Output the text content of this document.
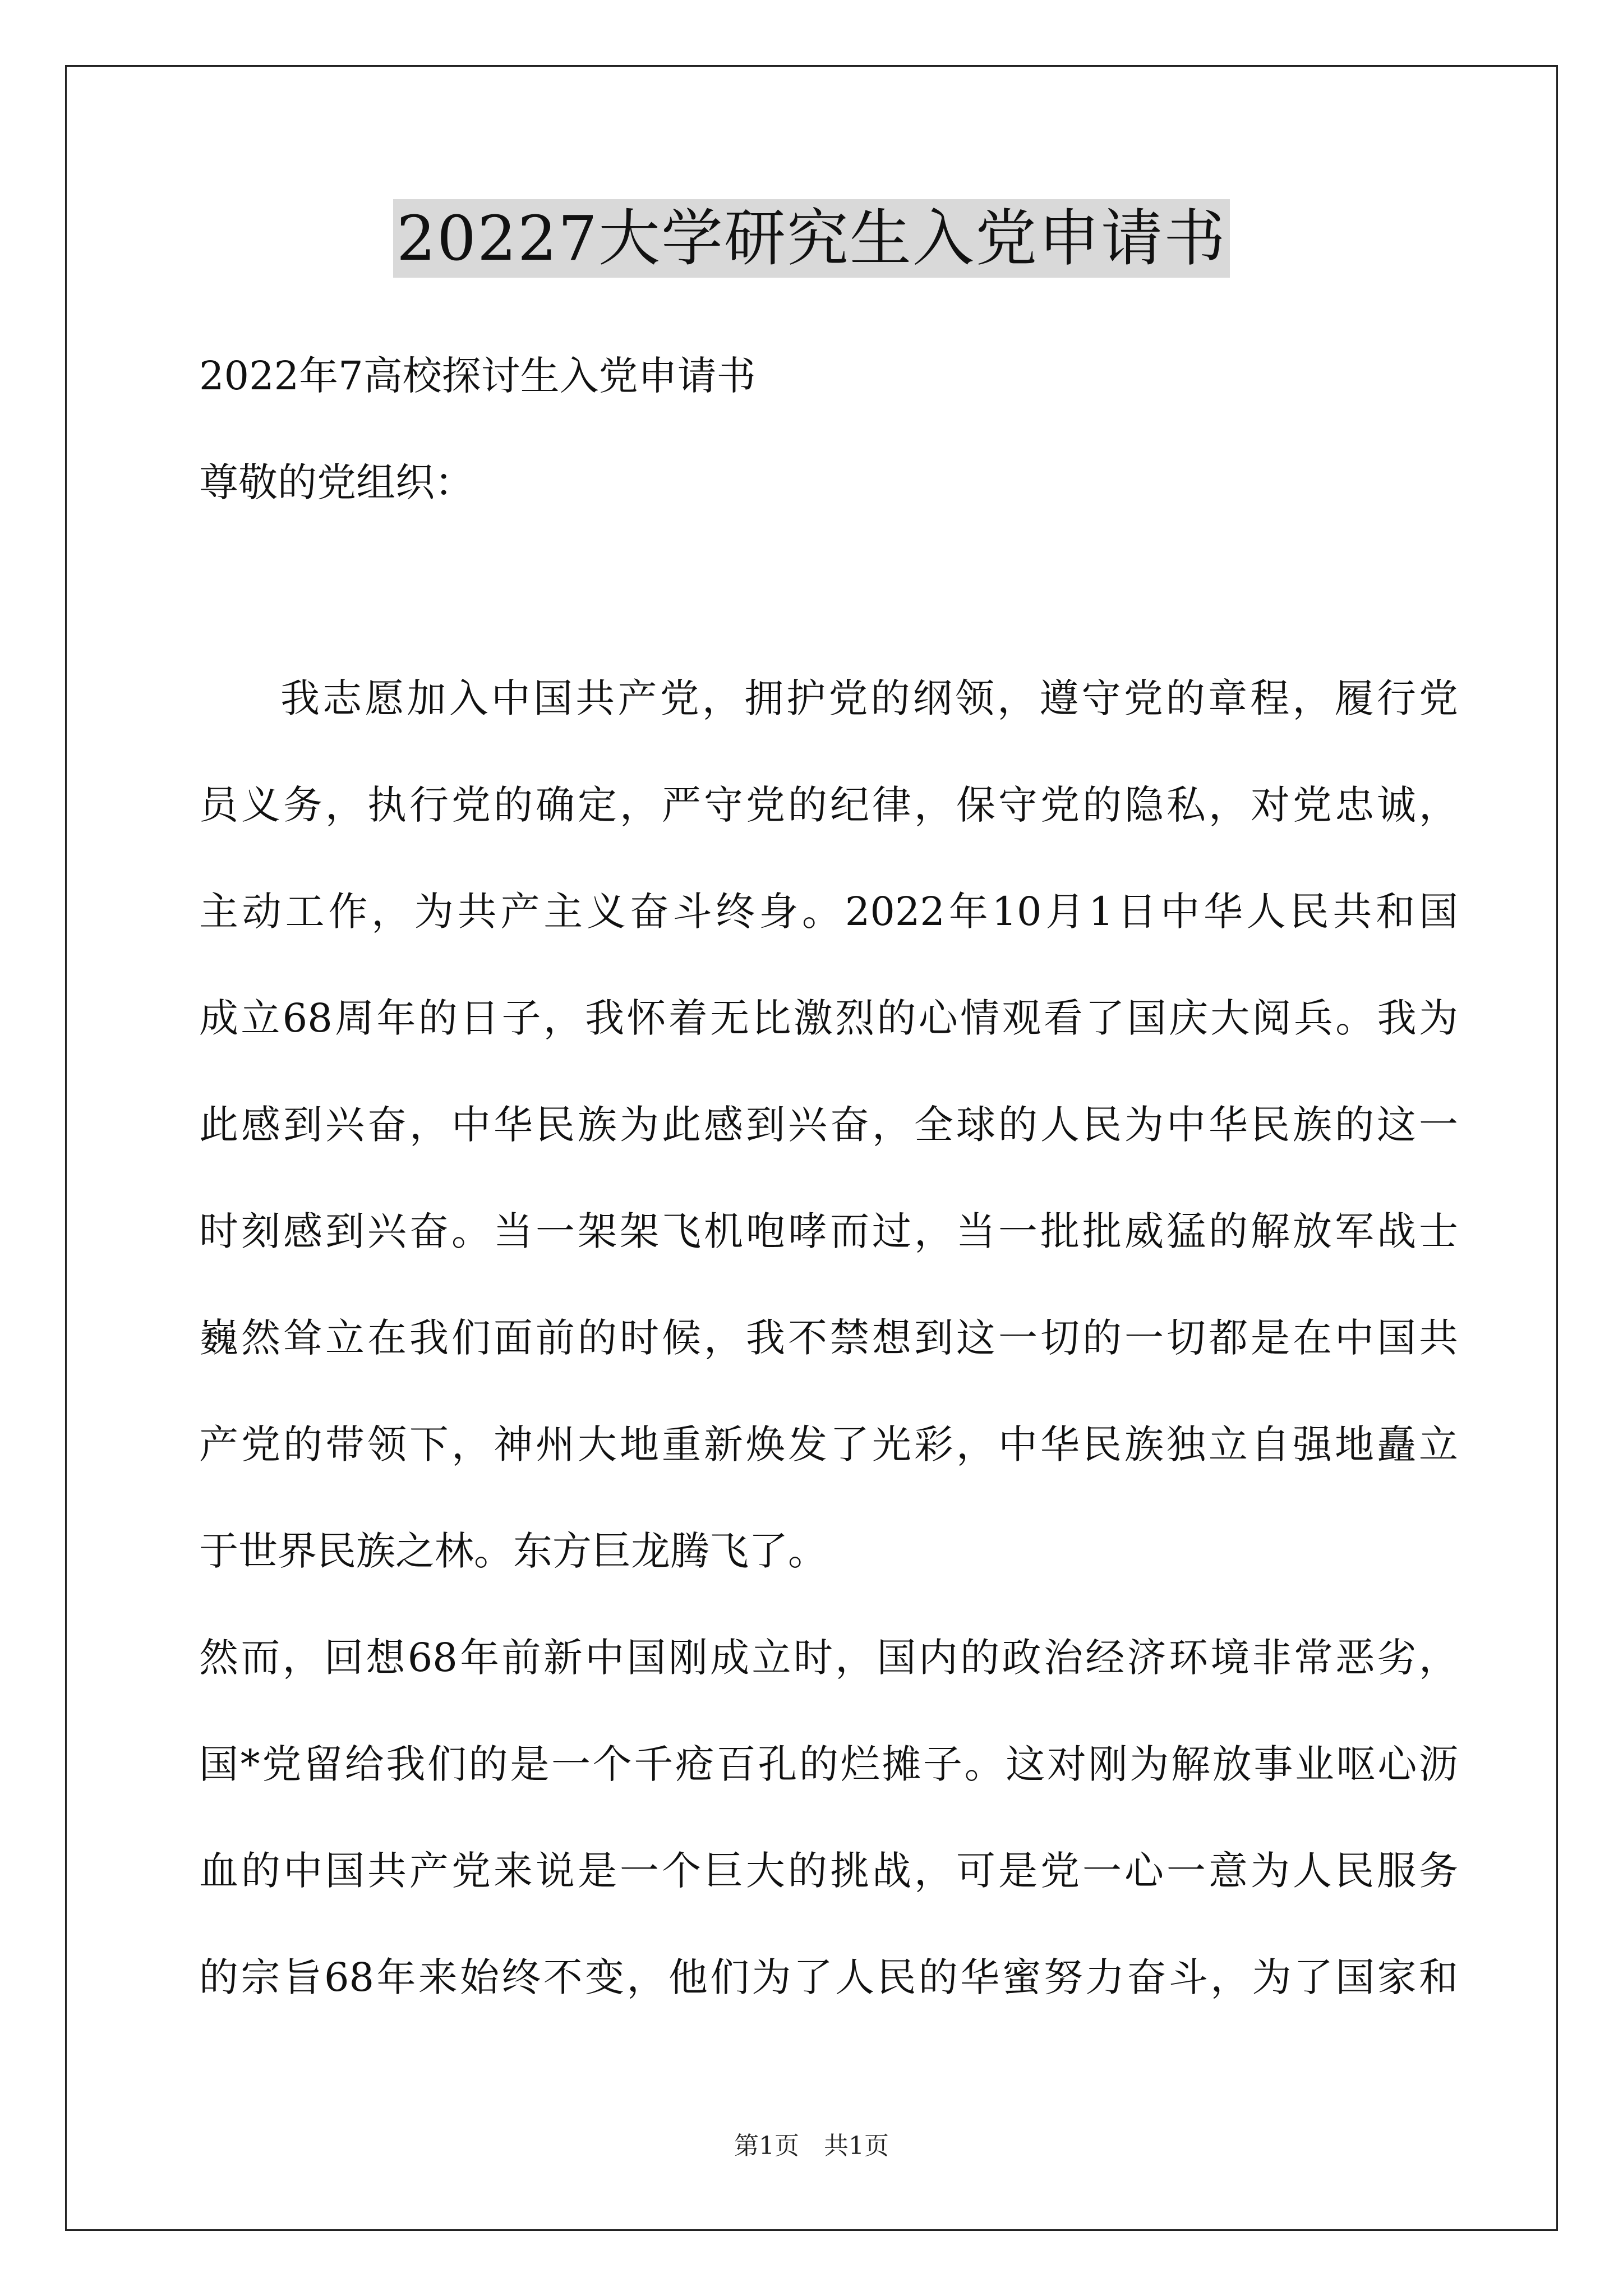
20227大学研究生入党申请书
2022年7高校探讨生入党申请书
尊敬的党组织：
我志愿加入中国共产党，拥护党的纲领，遵守党的章程，履行党
员义务，执行党的确定，严守党的纪律，保守党的隐私，对党忠诚，
主动工作，为共产主义奋斗终身。2022年10月1日中华人民共和国
成立68周年的日子，我怀着无比激烈的心情观看了国庆大阅兵。我为
此感到兴奋，中华民族为此感到兴奋，全球的人民为中华民族的这一
时刻感到兴奋。当一架架飞机咆哮而过，当一批批威猛的解放军战士
巍然耸立在我们面前的时候，我不禁想到这一切的一切都是在中国共
产党的带领下，神州大地重新焕发了光彩，中华民族独立自强地矗立
于世界民族之林。东方巨龙腾飞了。
然而，回想68年前新中国刚成立时，国内的政治经济环境非常恶劣，
国*党留给我们的是一个千疮百孔的烂摊子。这对刚为解放事业呕心沥
血的中国共产党来说是一个巨大的挑战，可是党一心一意为人民服务
的宗旨68年来始终不变，他们为了人民的华蜜努力奋斗，为了国家和
第1页　共1页
